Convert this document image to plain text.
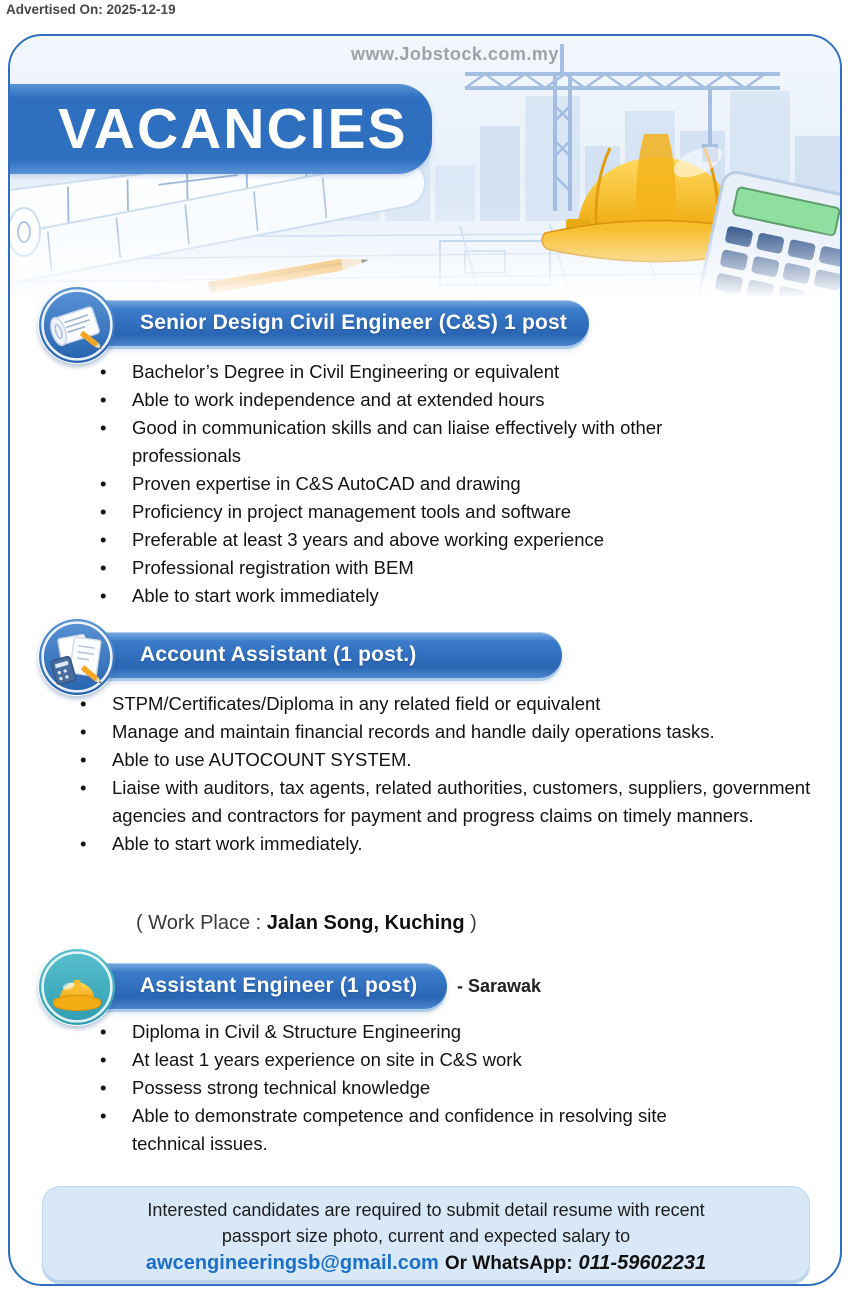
Advertised On: 2025-12-19
www.Jobstock.com.my
VACANCIES
Senior Design Civil Engineer (C&S) 1 post
• Bachelor’s Degree in Civil Engineering or equivalent
• Able to work independence and at extended hours
• Good in communication skills and can liaise effectively with other professionals
• Proven expertise in C&S AutoCAD and drawing
• Proficiency in project management tools and software
• Preferable at least 3 years and above working experience
• Professional registration with BEM
• Able to start work immediately
Account Assistant (1 post.)
• STPM/Certificates/Diploma in any related field or equivalent
• Manage and maintain financial records and handle daily operations tasks.
• Able to use AUTOCOUNT SYSTEM.
• Liaise with auditors, tax agents, related authorities, customers, suppliers, government agencies and contractors for payment and progress claims on timely manners.
• Able to start work immediately.
( Work Place : Jalan Song, Kuching )
Assistant Engineer (1 post) - Sarawak
• Diploma in Civil & Structure Engineering
• At least 1 years experience on site in C&S work
• Possess strong technical knowledge
• Able to demonstrate competence and confidence in resolving site technical issues.
Interested candidates are required to submit detail resume with recent
passport size photo, current and expected salary to
awcengineeringsb@gmail.com Or WhatsApp: 011-59602231
